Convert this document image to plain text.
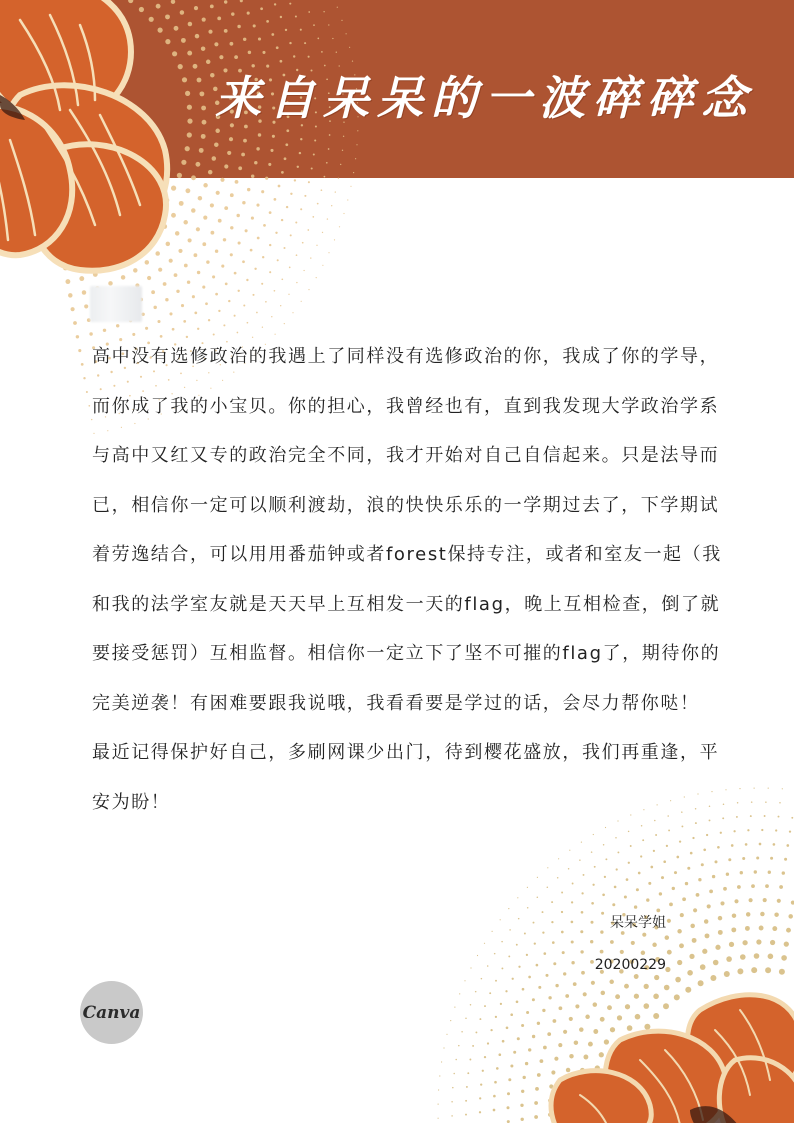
来自呆呆的一波碎碎念

高中没有选修政治的我遇上了同样没有选修政治的你，我成了你的学导，而你成了我的小宝贝。你的担心，我曾经也有，直到我发现大学政治学系与高中又红又专的政治完全不同，我才开始对自己自信起来。只是法导而已，相信你一定可以顺利渡劫，浪的快快乐乐的一学期过去了，下学期试着劳逸结合，可以用用番茄钟或者forest保持专注，或者和室友一起（我和我的法学室友就是天天早上互相发一天的flag，晚上互相检查，倒了就要接受惩罚）互相监督。相信你一定立下了坚不可摧的flag了，期待你的完美逆袭！有困难要跟我说哦，我看看要是学过的话，会尽力帮你哒！

最近记得保护好自己，多刷网课少出门，待到樱花盛放，我们再重逢，平安为盼！

呆呆学姐
20200229
Canva
